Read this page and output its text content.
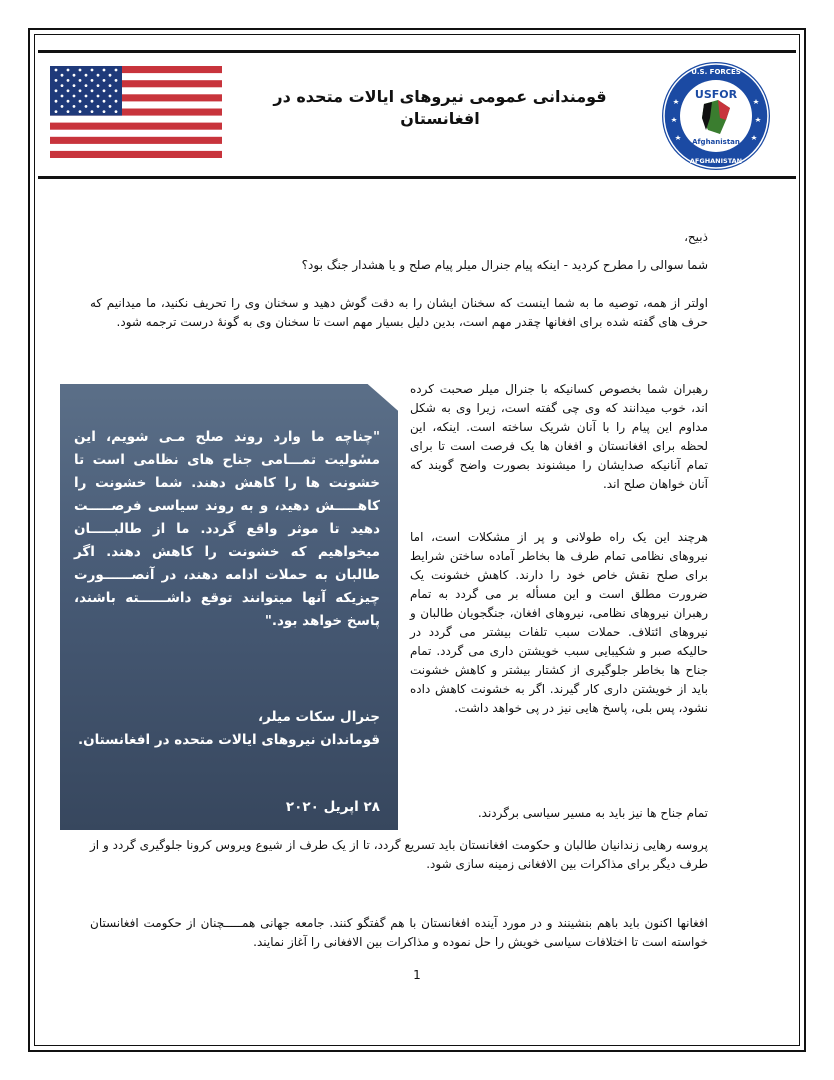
قومندانی عمومی نیروهای ایالات متحده در افغانستان
U.S. FORCES
USFOR
Afghanistan
AFGHANISTAN
ذبیح،
شما سوالی را مطرح کردید - اینکه پیام جنرال میلر پیام صلح و یا هشدار جنگ بود؟
اولتر از همه، توصیه ما به شما اینست که سخنان ایشان را به دقت گوش دهید و سخنان وی را تحریف نکنید، ما میدانیم که حرف های گفته شده برای افغانها چقدر مهم است، بدین دلیل بسیار مهم است تا سخنان وی به گونۀ درست ترجمه شود.
"چناچه ما وارد روند صلح مـی شویم، این مسٔولیت تمـــامی جناح های نظامی است تا خشونت ها را کاهش دهند. شما خشونت را کاهـــــش دهید، و به روند سیاسی فرصـــــت دهید تا موثر واقع گردد. ما از طالبـــــان میخواهیم که خشونت را کاهش دهند. اگر طالبان به حملات ادامه دهند، در آنصــــــورت چیزیکه آنها میتوانند توقع داشــــــته باشند، پاسخ خواهد بود."
جنرال سکات میلر،
قوماندان نیروهای ایالات متحده در افغانستان.
۲۸ اپریل ۲۰۲۰
رهبران شما بخصوص کسانیکه با جنرال میلر صحبت کرده اند، خوب میدانند که وی چی گفته است، زیرا وی به شکل مداوم این پیام را با آنان شریک ساخته است. اینکه، این لحظه برای افغانستان و افغان ها یک فرصت است تا برای تمام آنانیکه صدایشان را میشنوند بصورت واضح گویند که آنان خواهان صلح اند.
هرچند این یک راه طولانی و پر از مشکلات است، اما نیروهای نظامی تمام طرف ها بخاطر آماده ساختن شرایط برای صلح نقش خاص خود را دارند. کاهش خشونت یک ضرورت مطلق است و این مسأله بر می گردد به تمام رهبران نیروهای نظامی، نیروهای افغان، جنگجویان طالبان و نیروهای ائتلاف. حملات سبب تلفات بیشتر می گردد در حالیکه صبر و شکیبایی سبب خویشتن داری می گردد. تمام جناح ها بخاطر جلوگیری از کشتار بیشتر و کاهش خشونت باید از خویشتن داری کار گیرند. اگر به خشونت کاهش داده نشود، پس بلی، پاسخ هایی نیز در پی خواهد داشت.
تمام جناح ها نیز باید به مسیر سیاسی برگردند.
پروسه رهایی زندانیان طالبان و حکومت افغانستان باید تسریع گردد، تا از یک طرف از شیوع ویروس کرونا جلوگیری گردد و از طرف دیگر برای مذاکرات بین الافغانی زمینه سازی شود.
افغانها اکنون باید باهم بنشینند و در مورد آینده افغانستان با هم گفتگو کنند. جامعه جهانی همـــــچنان از حکومت افغانستان خواسته است تا اختلافات سیاسی خویش را حل نموده و مذاکرات بین الافغانی را آغاز نمایند.
1
